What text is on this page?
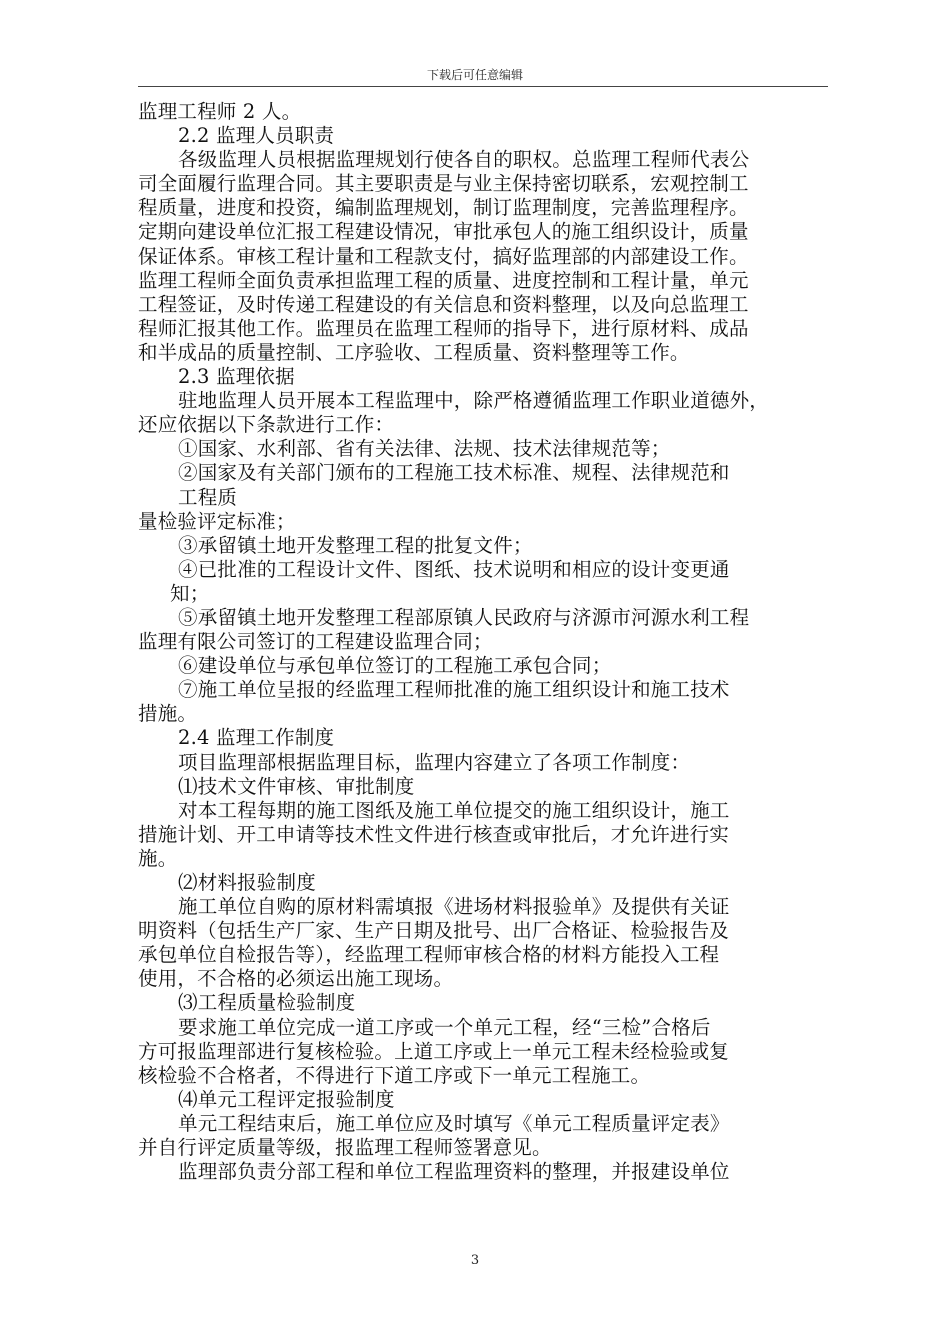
下载后可任意编辑
监理工程师 2 人。
2.2 监理人员职责
各级监理人员根据监理规划行使各自的职权。总监理工程师代表公
司全面履行监理合同。其主要职责是与业主保持密切联系，宏观控制工
程质量，进度和投资，编制监理规划，制订监理制度，完善监理程序。
定期向建设单位汇报工程建设情况，审批承包人的施工组织设计，质量
保证体系。审核工程计量和工程款支付，搞好监理部的内部建设工作。
监理工程师全面负责承担监理工程的质量、进度控制和工程计量，单元
工程签证，及时传递工程建设的有关信息和资料整理，以及向总监理工
程师汇报其他工作。监理员在监理工程师的指导下，进行原材料、成品
和半成品的质量控制、工序验收、工程质量、资料整理等工作。
2.3 监理依据
驻地监理人员开展本工程监理中，除严格遵循监理工作职业道德外，
还应依据以下条款进行工作：
①国家、水利部、省有关法律、法规、技术法律规范等；
②国家及有关部门颁布的工程施工技术标准、规程、法律规范和
工程质
量检验评定标准；
③承留镇土地开发整理工程的批复文件；
④已批准的工程设计文件、图纸、技术说明和相应的设计变更通
知；
⑤承留镇土地开发整理工程部原镇人民政府与济源市河源水利工程
监理有限公司签订的工程建设监理合同；
⑥建设单位与承包单位签订的工程施工承包合同；
⑦施工单位呈报的经监理工程师批准的施工组织设计和施工技术
措施。
2.4 监理工作制度
项目监理部根据监理目标，监理内容建立了各项工作制度：
⑴技术文件审核、审批制度
对本工程每期的施工图纸及施工单位提交的施工组织设计，施工
措施计划、开工申请等技术性文件进行核查或审批后，才允许进行实
施。
⑵材料报验制度
施工单位自购的原材料需填报《进场材料报验单》及提供有关证
明资料（包括生产厂家、生产日期及批号、出厂合格证、检验报告及
承包单位自检报告等），经监理工程师审核合格的材料方能投入工程
使用，不合格的必须运出施工现场。
⑶工程质量检验制度
要求施工单位完成一道工序或一个单元工程，经“三检”合格后
方可报监理部进行复核检验。上道工序或上一单元工程未经检验或复
核检验不合格者，不得进行下道工序或下一单元工程施工。
⑷单元工程评定报验制度
单元工程结束后，施工单位应及时填写《单元工程质量评定表》
并自行评定质量等级，报监理工程师签署意见。
监理部负责分部工程和单位工程监理资料的整理，并报建设单位
3
